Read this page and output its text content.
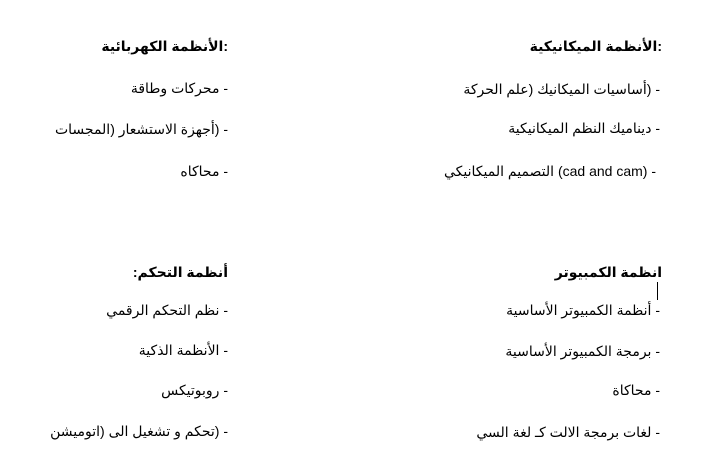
:الأنظمة الميكانيكية
- (أساسيات الميكانيك (علم الحركة
- ديناميك النظم الميكانيكية
- (cad and cam) التصميم الميكانيكي
:الأنظمة الكهربائية
- محركات وطاقة
- (أجهزة الاستشعار (المجسات
- محاكاه
انظمة الكمبيوتر
- أنظمة الكمبيوتر الأساسية
- برمجة الكمبيوتر الأساسية
- محاكاة
- لغات برمجة الالت كـ لغة السي
أنظمة التحكم:
- نظم التحكم الرقمي
- الأنظمة الذكية
- روبوتيكس
- (تحكم و تشغيل الى (اتوميشن
